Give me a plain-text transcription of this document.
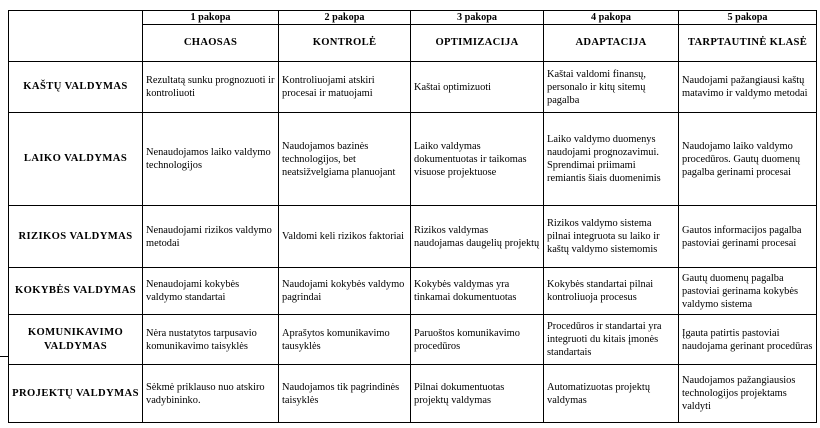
	1 pakopa	2 pakopa	3 pakopa	4 pakopa	5 pakopa
	CHAOSAS	KONTROLĖ	OPTIMIZACIJA	ADAPTACIJA	TARPTAUTINĖ KLASĖ
KAŠTŲ VALDYMAS	Rezultatą sunku prognozuoti ir kontroliuoti	Kontroliuojami atskiri procesai ir matuojami	Kaštai optimizuoti	Kaštai valdomi finansų, personalo ir kitų sitemų pagalba	Naudojami pažangiausi kaštų matavimo ir valdymo metodai
LAIKO VALDYMAS	Nenaudojamos laiko valdymo technologijos	Naudojamos bazinės technologijos, bet neatsižvelgiama planuojant	Laiko valdymas dokumentuotas ir taikomas visuose projektuose	Laiko valdymo duomenys naudojami prognozavimui. Sprendimai priimami remiantis šiais duomenimis	Naudojamo laiko valdymo procedūros. Gautų duomenų pagalba gerinami procesai
RIZIKOS VALDYMAS	Nenaudojami rizikos valdymo metodai	Valdomi keli rizikos faktoriai	Rizikos valdymas naudojamas daugelių projektų	Rizikos valdymo sistema pilnai integruota su laiko ir kaštų valdymo sistemomis	Gautos informacijos pagalba pastoviai gerinami procesai
KOKYBĖS VALDYMAS	Nenaudojami kokybės valdymo standartai	Naudojami kokybės valdymo pagrindai	Kokybės valdymas yra tinkamai dokumentuotas	Kokybės standartai pilnai kontroliuoja procesus	Gautų duomenų pagalba pastoviai gerinama kokybės valdymo sistema
KOMUNIKAVIMO VALDYMAS	Nėra nustatytos tarpusavio komunikavimo taisyklės	Aprašytos komunikavimo tausyklės	Paruoštos komunikavimo procedūros	Procedūros ir standartai yra integruoti du kitais įmonės standartais	Įgauta patirtis pastoviai naudojama gerinant procedūras
PROJEKTŲ VALDYMAS	Sėkmė priklauso nuo atskiro vadybininko.	Naudojamos tik pagrindinės taisyklės	Pilnai dokumentuotas projektų valdymas	Automatizuotas projektų valdymas	Naudojamos pažangiausios technologijos projektams valdyti
